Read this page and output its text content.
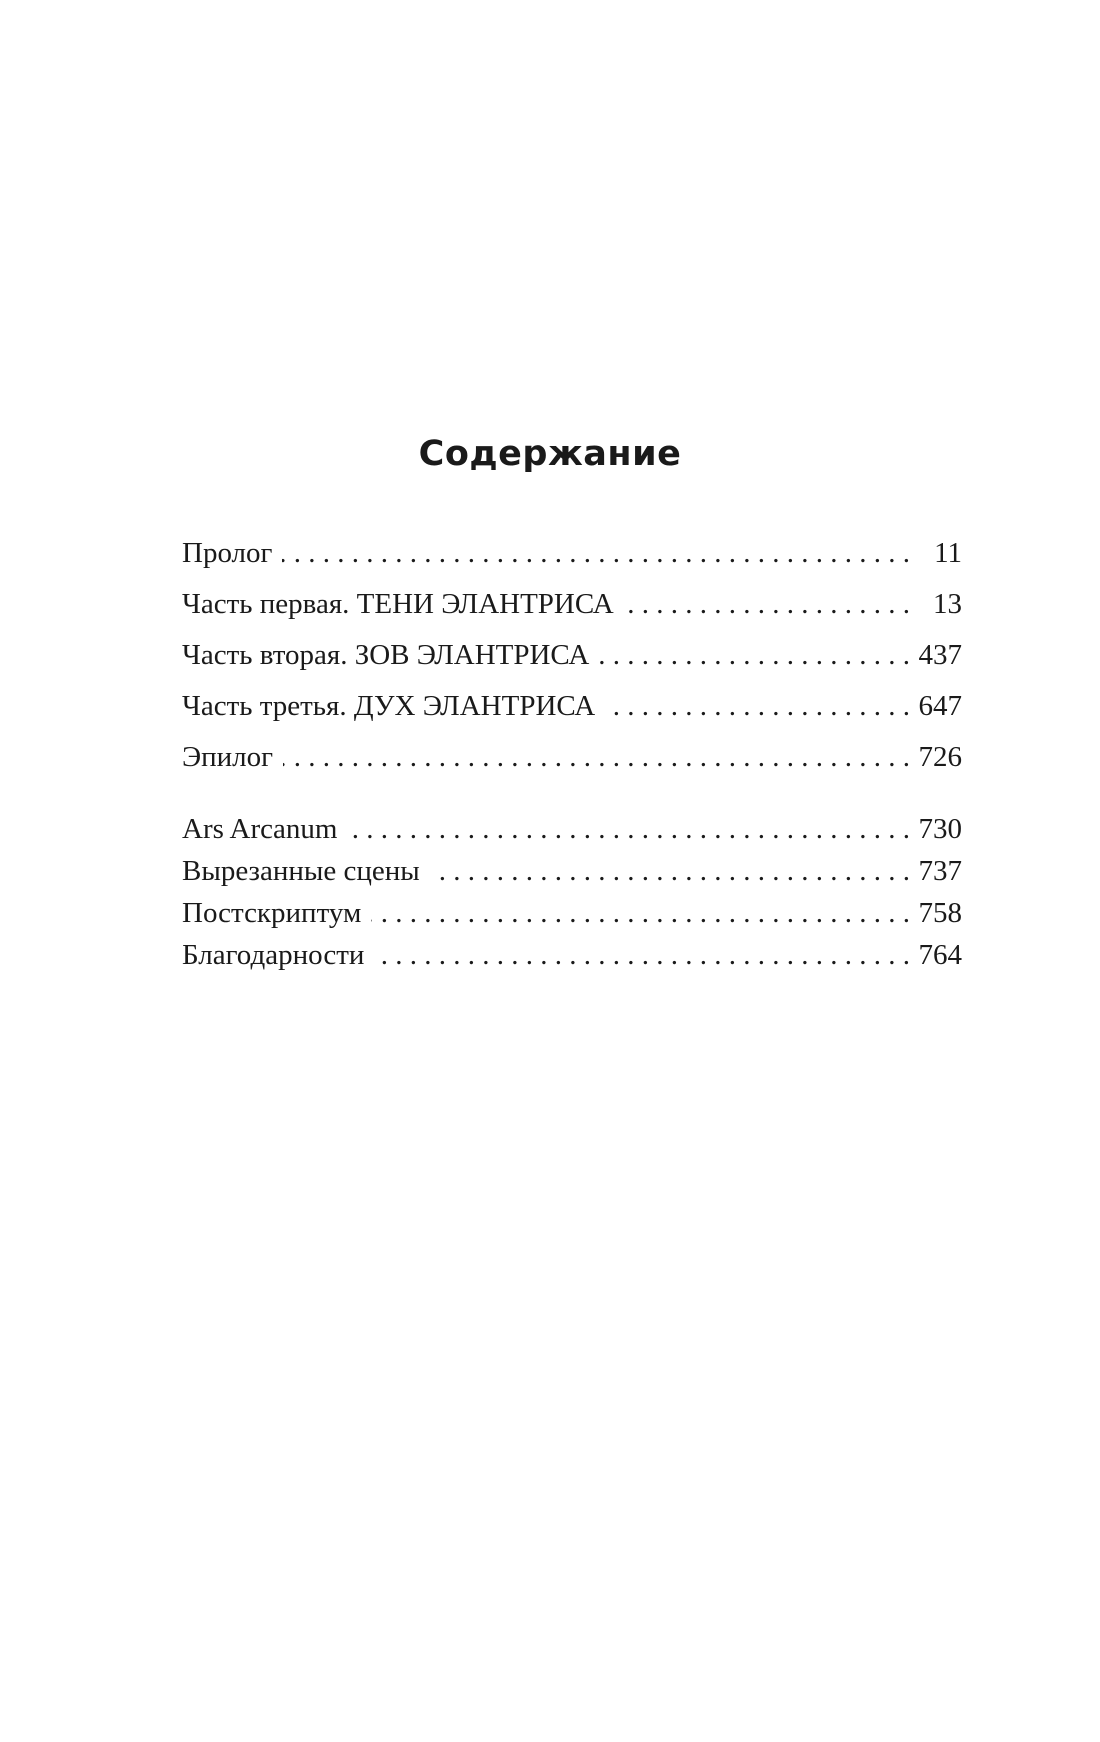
Содержание
Пролог . . .	11
Часть первая. ТЕНИ ЭЛАНТРИСА . . .	13
Часть вторая. ЗОВ ЭЛАНТРИСА . . .	437
Часть третья. ДУХ ЭЛАНТРИСА . . .	647
Эпилог . . .	726
Ars Arcanum . . .	730
Вырезанные сцены . . .	737
Постскриптум . . .	758
Благодарности . . .	764
